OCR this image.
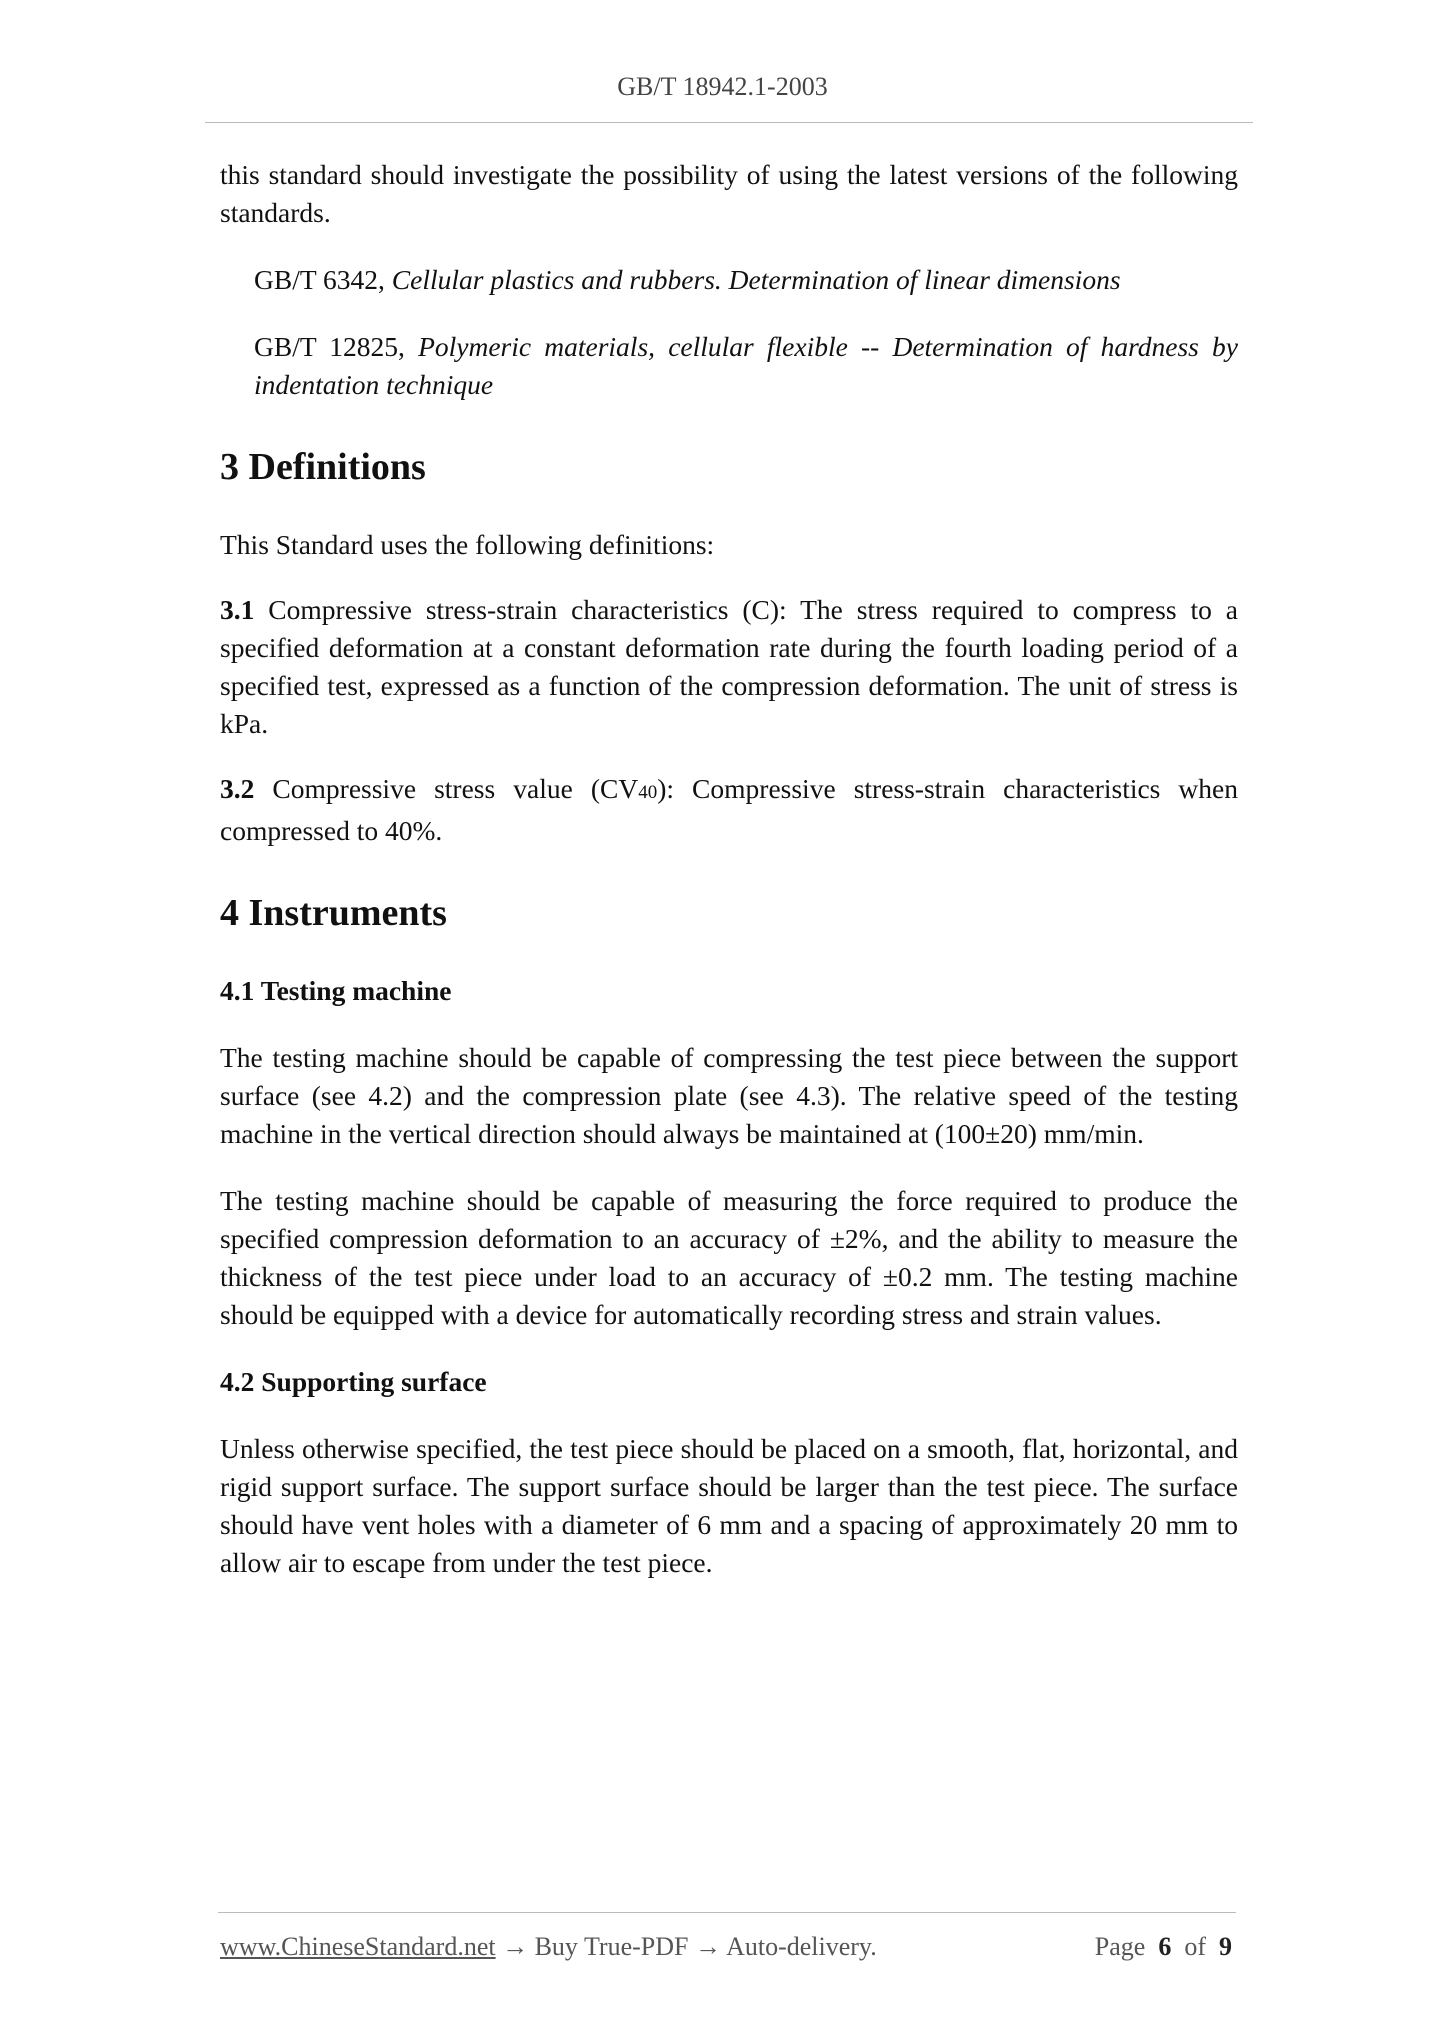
GB/T 18942.1-2003

this standard should investigate the possibility of using the latest versions of the following standards.

GB/T 6342, Cellular plastics and rubbers. Determination of linear dimensions

GB/T 12825, Polymeric materials, cellular flexible -- Determination of hardness by indentation technique

3 Definitions

This Standard uses the following definitions:

3.1 Compressive stress-strain characteristics (C): The stress required to compress to a specified deformation at a constant deformation rate during the fourth loading period of a specified test, expressed as a function of the compression deformation. The unit of stress is kPa.

3.2 Compressive stress value (CV40): Compressive stress-strain characteristics when compressed to 40%.

4 Instruments
4.1 Testing machine

The testing machine should be capable of compressing the test piece between the support surface (see 4.2) and the compression plate (see 4.3). The relative speed of the testing machine in the vertical direction should always be maintained at (100±20) mm/min.

The testing machine should be capable of measuring the force required to produce the specified compression deformation to an accuracy of ±2%, and the ability to measure the thickness of the test piece under load to an accuracy of ±0.2 mm. The testing machine should be equipped with a device for automatically recording stress and strain values.

4.2 Supporting surface

Unless otherwise specified, the test piece should be placed on a smooth, flat, horizontal, and rigid support surface. The support surface should be larger than the test piece. The surface should have vent holes with a diameter of 6 mm and a spacing of approximately 20 mm to allow air to escape from under the test piece.

www.ChineseStandard.net → Buy True-PDF → Auto-delivery.	Page 6 of 9
